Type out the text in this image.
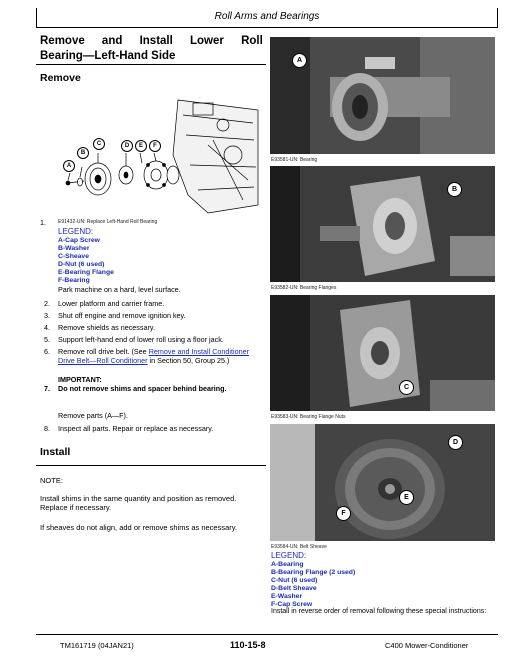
Roll Arms and Bearings
Remove and Install Lower Roll
Bearing—Left-Hand Side
Remove
A
B
C	D	E	F
1. E91432-UN: Replace Left-Hand Roll Bearing
LEGEND:
A-Cap Screw
B-Washer
C-Sheave
D-Nut (6 used)
E-Bearing Flange
F-Bearing
Park machine on a hard, level surface.
2. Lower platform and carrier frame.
3. Shut off engine and remove ignition key.
4. Remove shields as necessary.
5. Support left-hand end of lower roll using a floor jack.
6. Remove roll drive belt. (See Remove and Install Conditioner
Drive Belt—Roll Conditioner in Section 50, Group 25.)
IMPORTANT:
7. Do not remove shims and spacer behind bearing.
Remove parts (A—F).
8. Inspect all parts. Repair or replace as necessary.
Install
NOTE:
Install shims in the same quantity and position as removed. Replace if necessary.
If sheaves do not align, add or remove shims as necessary.
A
E93581-UN: Bearing
B
E93582-UN: Bearing Flanges
C
E93583-UN: Bearing Flange Nuts
D
E
F
E93584-UN: Belt Sheave
LEGEND:
A-Bearing
B-Bearing Flange (2 used)
C-Nut (6 used)
D-Belt Sheave
E-Washer
F-Cap Screw
Install in reverse order of removal following these special instructions:
TM161719 (04JAN21)	110-15-8	C400 Mower-Conditioner
